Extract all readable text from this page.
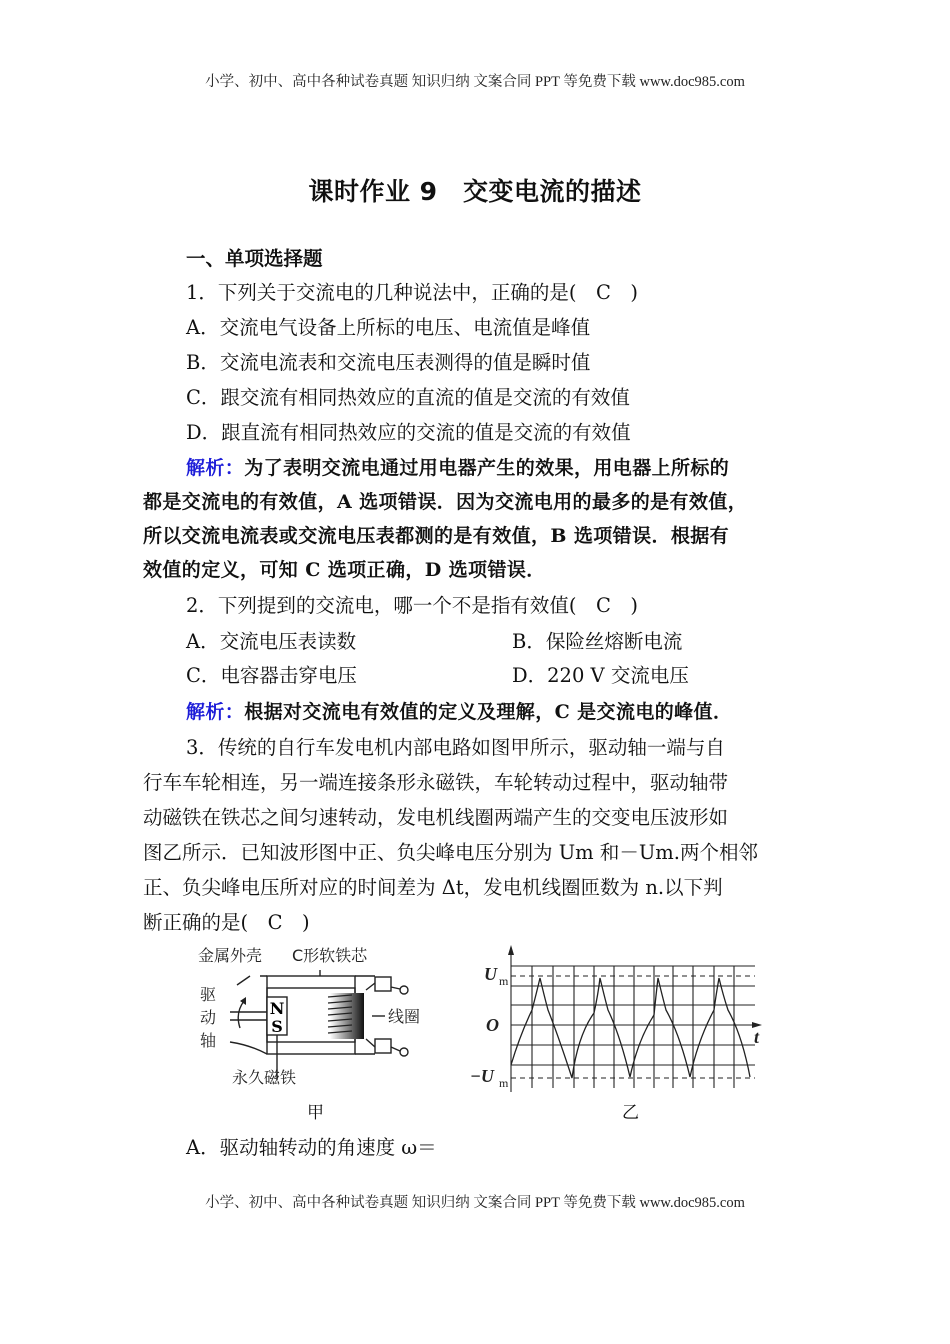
小学、初中、高中各种试卷真题 知识归纳 文案合同 PPT 等免费下载 www.doc985.com
课时作业 9　交变电流的描述
一、单项选择题
1．下列关于交流电的几种说法中，正确的是(　C　)
A．交流电气设备上所标的电压、电流值是峰值
B．交流电流表和交流电压表测得的值是瞬时值
C．跟交流有相同热效应的直流的值是交流的有效值
D．跟直流有相同热效应的交流的值是交流的有效值
解析：为了表明交流电通过用电器产生的效果，用电器上所标的
都是交流电的有效值，A 选项错误．因为交流电用的最多的是有效值，
所以交流电流表或交流电压表都测的是有效值，B 选项错误．根据有
效值的定义，可知 C 选项正确，D 选项错误．
2．下列提到的交流电，哪一个不是指有效值(　C　)
A．交流电压表读数	B．保险丝熔断电流
C．电容器击穿电压	D．220 V 交流电压
解析：根据对交流电有效值的定义及理解，C 是交流电的峰值．
3．传统的自行车发电机内部电路如图甲所示，驱动轴一端与自
行车车轮相连，另一端连接条形永磁铁，车轮转动过程中，驱动轴带
动磁铁在铁芯之间匀速转动，发电机线圈两端产生的交变电压波形如
图乙所示．已知波形图中正、负尖峰电压分别为 Um 和－Um.两个相邻
正、负尖峰电压所对应的时间差为 Δt，发电机线圈匝数为 n.以下判
断正确的是(　C　)
N
S
金属外壳 C形软铁芯
驱
动
轴
线圈
永久磁铁
甲
U
O
−U
t
m
m
乙
A．驱动轴转动的角速度 ω＝
小学、初中、高中各种试卷真题 知识归纳 文案合同 PPT 等免费下载 www.doc985.com
